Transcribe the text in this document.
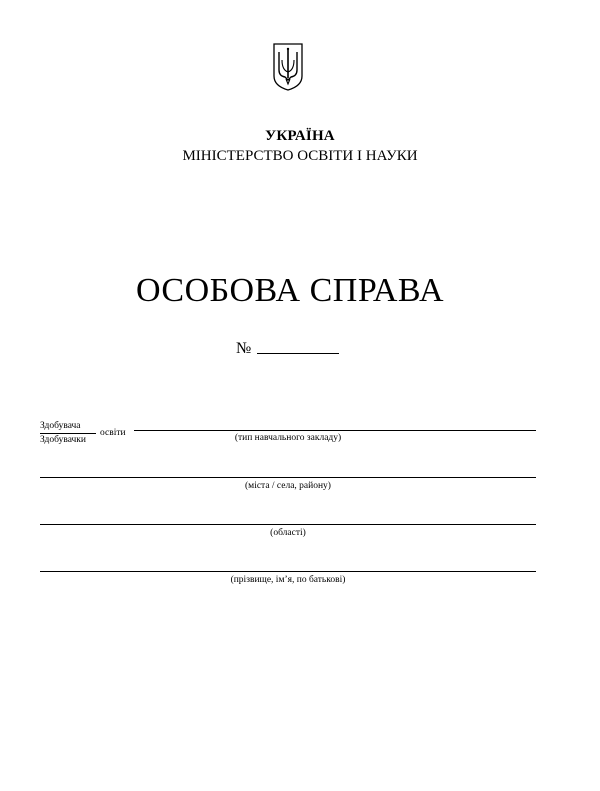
УКРАЇНА
МІНІСТЕРСТВО ОСВІТИ І НАУКИ
ОСОБОВА СПРАВА
№
Здобувача
Здобувачки
освіти	(тип навчального закладу)
(міста / села, району)
(області)
(прізвище, ім’я, по батькові)
